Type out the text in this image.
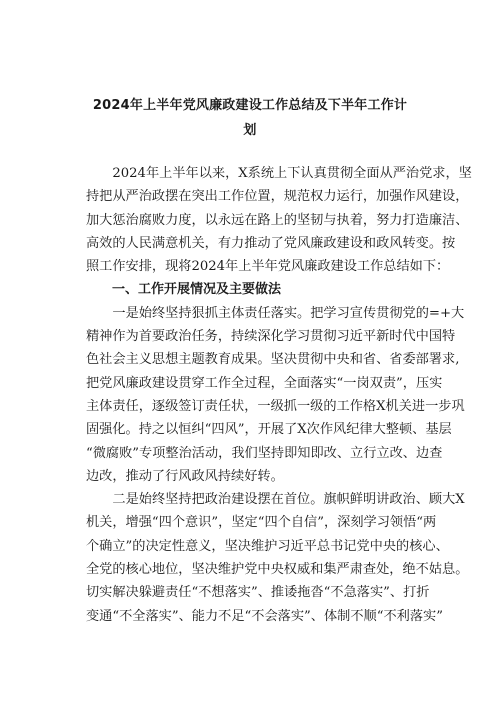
2024年上半年党风廉政建设工作总结及下半年工作计
划
2024年上半年以来，X系统上下认真贯彻全面从严治党求，坚
持把从严治政摆在突出工作位置，规范权力运行，加强作风建设，
加大惩治腐败力度，以永远在路上的坚韧与执着，努力打造廉洁、
高效的人民满意机关，有力推动了党风廉政建设和政风转变。按
照工作安排，现将2024年上半年党风廉政建设工作总结如下：
一、工作开展情况及主要做法
一是始终坚持狠抓主体责任落实。把学习宣传贯彻党的=+大
精神作为首要政治任务，持续深化学习贯彻习近平新时代中国特
色社会主义思想主题教育成果。坚决贯彻中央和省、省委部署求,
把党风廉政建设贯穿工作全过程，全面落实“一岗双责”，压实
主体责任，逐级签订责任状，一级抓一级的工作格X机关进一步巩
固强化。持之以恒纠“四风”，开展了X次作风纪律大整顿、基层
“微腐败”专项整治活动，我们坚持即知即改、立行立改、边查
边改，推动了行风政风持续好转。
二是始终坚持把政治建设摆在首位。旗帜鲜明讲政治、顾大X
机关，增强“四个意识”，坚定“四个自信”，深刻学习领悟“两
个确立”的决定性意义，坚决维护习近平总书记党中央的核心、
全党的核心地位，坚决维护党中央权威和集严肃查处，绝不姑息。
切实解决躲避责任“不想落实”、推诿拖沓“不急落实”、打折
变通“不全落实”、能力不足“不会落实”、体制不顺“不利落实”
